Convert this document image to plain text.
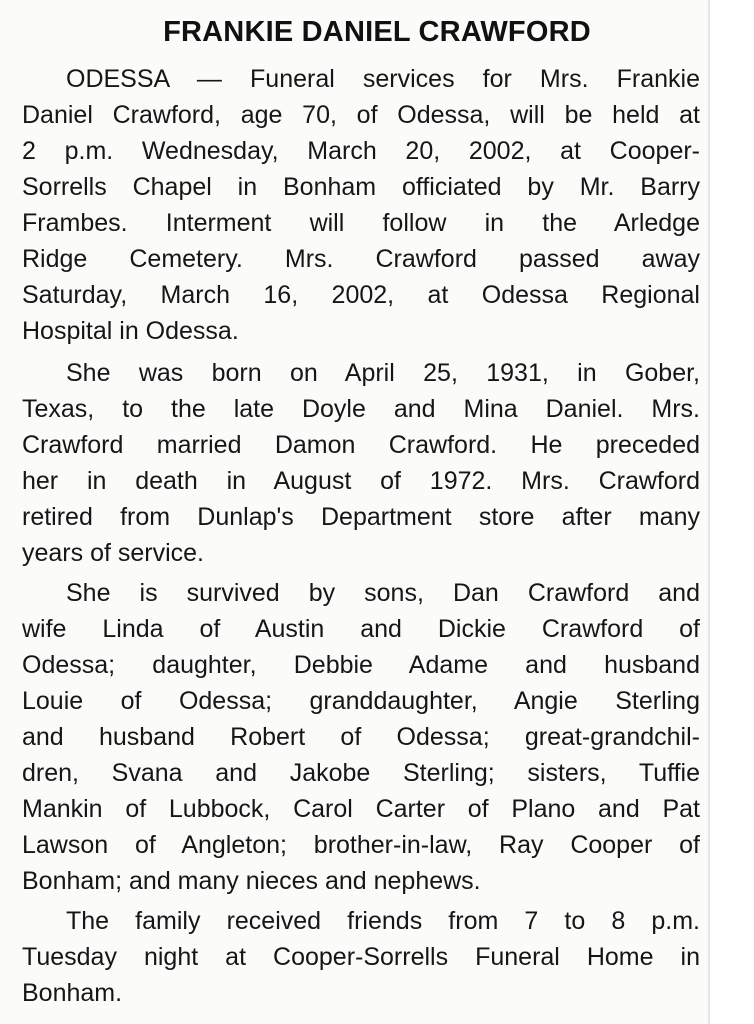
FRANKIE DANIEL CRAWFORD

ODESSA — Funeral services for Mrs. Frankie

Daniel Crawford, age 70, of Odessa, will be held at

2 p.m. Wednesday, March 20, 2002, at Cooper-

Sorrells Chapel in Bonham officiated by Mr. Barry

Frambes. Interment will follow in the Arledge

Ridge Cemetery. Mrs. Crawford passed away

Saturday, March 16, 2002, at Odessa Regional

Hospital in Odessa.

She was born on April 25, 1931, in Gober,

Texas, to the late Doyle and Mina Daniel. Mrs.

Crawford married Damon Crawford. He preceded

her in death in August of 1972. Mrs. Crawford

retired from Dunlap's Department store after many

years of service.

She is survived by sons, Dan Crawford and

wife Linda of Austin and Dickie Crawford of

Odessa; daughter, Debbie Adame and husband

Louie of Odessa; granddaughter, Angie Sterling

and husband Robert of Odessa; great-grandchil-

dren, Svana and Jakobe Sterling; sisters, Tuffie

Mankin of Lubbock, Carol Carter of Plano and Pat

Lawson of Angleton; brother-in-law, Ray Cooper of

Bonham; and many nieces and nephews.

The family received friends from 7 to 8 p.m.

Tuesday night at Cooper-Sorrells Funeral Home in

Bonham.
